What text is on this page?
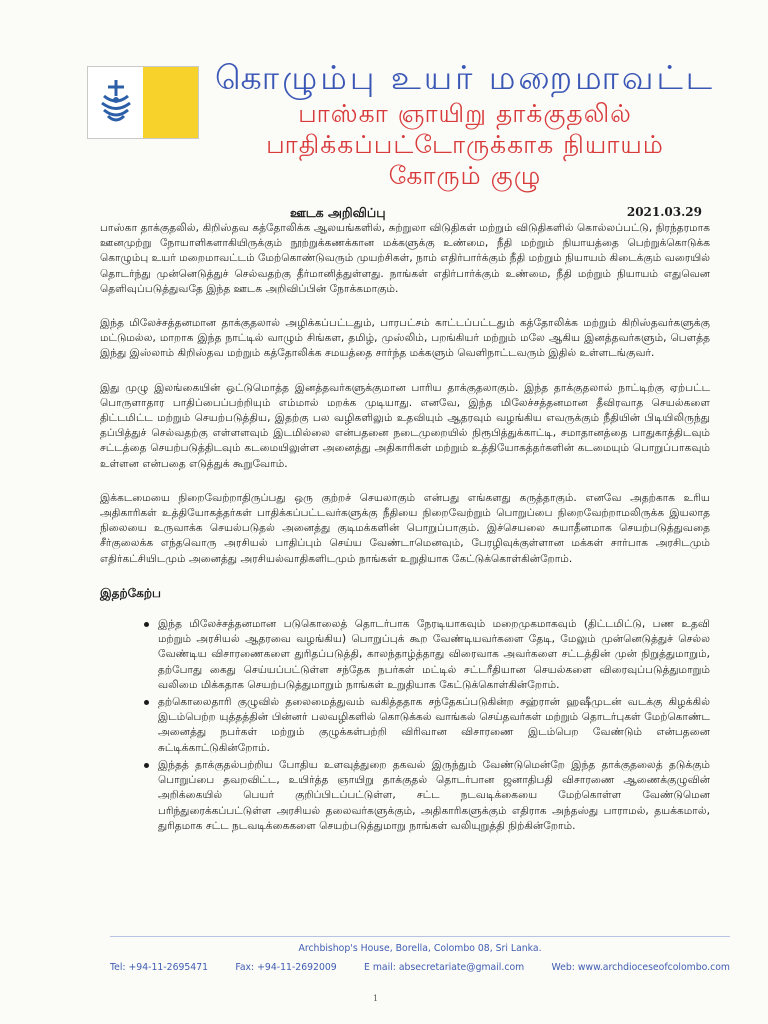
கொழும்பு உயர் மறைமாவட்ட
பாஸ்கா ஞாயிறு தாக்குதலில்
பாதிக்கப்பட்டோருக்காக நியாயம்
கோரும் குழு
ஊடக அறிவிப்பு	2021.03.29

பாஸ்கா தாக்குதலில், கிறிஸ்தவ கத்தோலிக்க ஆலயங்களில், சுற்றுலா விடுதிகள் மற்றும் விடுதிகளில் கொல்லப்பட்டு, நிரந்தரமாக ஊனமுற்று நோயாளிகளாகியிருக்கும் நூற்றுக்கணக்கான மக்களுக்கு உண்மை, நீதி மற்றும் நியாயத்தை பெற்றுக்கொடுக்க கொழும்பு உயர் மறைமாவட்டம் மேற்கொண்டுவரும் முயற்சிகள், நாம் எதிர்பார்க்கும் நீதி மற்றும் நியாயம் கிடைக்கும் வரையில் தொடர்ந்து முன்னெடுத்துச் செல்வதற்கு தீர்மானித்துள்ளது. நாங்கள் எதிர்பார்க்கும் உண்மை, நீதி மற்றும் நியாயம் எதுவென தெளிவுப்படுத்துவதே இந்த ஊடக அறிவிப்பின் நோக்கமாகும்.

இந்த மிலேச்சத்தனமான தாக்குதலால் அழிக்கப்பட்டதும், பாரபட்சம் காட்டப்பட்டதும் கத்தோலிக்க மற்றும் கிறிஸ்தவர்களுக்கு மட்டுமல்ல, மாறாக இந்த நாட்டில் வாழும் சிங்கள, தமிழ், முஸ்லிம், பறங்கியர் மற்றும் மலே ஆகிய இனத்தவர்களும், பௌத்த இந்து இஸ்லாம் கிறிஸ்தவ மற்றும் கத்தோலிக்க சமயத்தை சார்ந்த மக்களும் வெளிநாட்டவரும் இதில் உள்ளடங்குவர்.

இது முழு இலங்கையின் ஒட்டுமொத்த இனத்தவர்களுக்குமான பாரிய தாக்குதலாகும். இந்த தாக்குதலால் நாட்டிற்கு ஏற்பட்ட பொருளாதார பாதிப்பைப்பற்றியும் எம்மால் மறக்க முடியாது. எனவே, இந்த மிலேச்சத்தனமான தீவிரவாத செயல்களை திட்டமிட்ட மற்றும் செயற்படுத்திய, இதற்கு பல வழிகளிலும் உதவியும் ஆதரவும் வழங்கிய எவருக்கும் நீதியின் பிடியிலிருந்து தப்பித்துச் செல்வதற்கு எள்ளளவும் இடமில்லை என்பதனை நடைமுறையில் நிரூபித்துக்காட்டி, சமாதானத்தை பாதுகாத்திடவும் சட்டத்தை செயற்படுத்திடவும் கடமையிலுள்ள அனைத்து அதிகாரிகள் மற்றும் உத்தியோகத்தர்களின் கடமையும் பொறுப்பாகவும் உள்ளன என்பதை எடுத்துக் கூறுவோம்.

இக்கடமையை நிறைவேற்றாதிருப்பது ஒரு குற்றச் செயலாகும் என்பது எங்களது கருத்தாகும். எனவே அதற்காக உரிய அதிகாரிகள் உத்தியோகத்தர்கள் பாதிக்கப்பட்டவர்களுக்கு நீதியை நிறைவேற்றும் பொறுப்பை நிறைவேற்றாமலிருக்க இயலாத நிலையை உருவாக்க செயல்படுதல் அனைத்து குடிமக்களின் பொறுப்பாகும். இச்செயலை சுயாதீனமாக செயற்படுத்துவதை சீர்குலைக்க எந்தவொரு அரசியல் பாதிப்பும் செய்ய வேண்டாமெனவும், பேரழிவுக்குள்ளான மக்கள் சார்பாக அரசிடமும் எதிர்கட்சியிடமும் அனைத்து அரசியல்வாதிகளிடமும் நாங்கள் உறுதியாக கேட்டுக்கொள்கின்றோம்.

இதற்கேற்ப
இந்த மிலேச்சத்தனமான படுகொலைத் தொடர்பாக நேரடியாகவும் மறைமுகமாகவும் (திட்டமிட்டு, பண உதவி மற்றும் அரசியல் ஆதரவை வழங்கிய) பொறுப்புக் கூற வேண்டியவர்களை தேடி, மேலும் முன்னெடுத்துச் செல்ல வேண்டிய விசாரணைகளை துரிதப்படுத்தி, காலந்தாழ்த்தாது விரைவாக அவர்களை சட்டத்தின் முன் நிறுத்துமாறும், தற்போது கைது செய்யப்பட்டுள்ள சந்தேக நபர்கள் மட்டில் சட்டரீதியான செயல்களை விரைவுப்படுத்துமாறும் வலிமை மிக்கதாக செயற்படுத்துமாறும் நாங்கள் உறுதியாக கேட்டுக்கொள்கின்றோம்.
தற்கொலைதாரி குழுவில் தலைமைத்துவம் வகித்ததாக சந்தேகப்படுகின்ற சஹ்ரான் ஹஷீமுடன் வடக்கு கிழக்கில் இடம்பெற்ற யுத்தத்தின் பின்னர் பலவழிகளில் கொடுக்கல் வாங்கல் செய்தவர்கள் மற்றும் தொடர்புகள் மேற்கொண்ட அனைத்து நபர்கள் மற்றும் குழுக்கள்பற்றி விரிவான விசாரணை இடம்பெற வேண்டும் என்பதனை சுட்டிக்காட்டுகின்றோம்.
இந்தத் தாக்குதல்பற்றிய போதிய உளவுத்துறை தகவல் இருந்தும் வேண்டுமென்றே இந்த தாக்குதலைத் தடுக்கும் பொறுப்பை தவறவிட்ட, உயிர்த்த ஞாயிறு தாக்குதல் தொடர்பான ஜனாதிபதி விசாரணை ஆணைக்குழுவின் அறிக்கையில் பெயர் குறிப்பிடப்பட்டுள்ள, சட்ட நடவடிக்கையை மேற்கொள்ள வேண்டுமென பரிந்துரைக்கப்பட்டுள்ள அரசியல் தலைவர்களுக்கும், அதிகாரிகளுக்கும் எதிராக அந்தஸ்து பாராமல், தயக்கமால், துரிதமாக சட்ட நடவடிக்கைகளை செயற்படுத்துமாறு நாங்கள் வலியுறுத்தி நிற்கின்றோம்.
Archbishop's House, Borella, Colombo 08, Sri Lanka.
Tel: +94-11-2695471	Fax: +94-11-2692009	E mail: absecretariate@gmail.com	Web: www.archdioceseofcolombo.com
1
